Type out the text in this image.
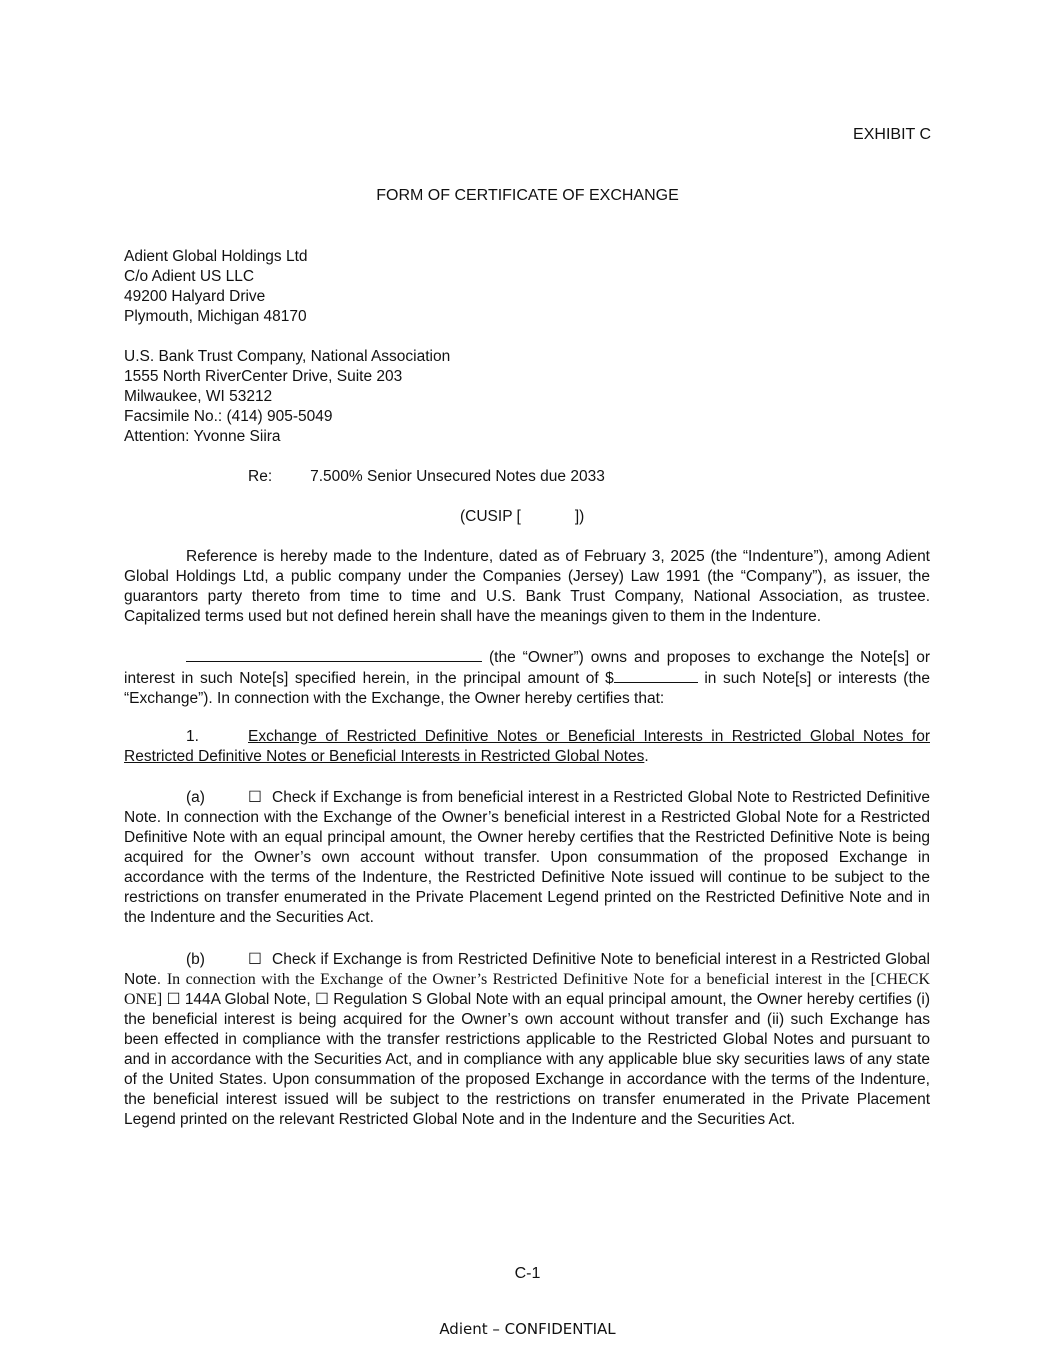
EXHIBIT C
FORM OF CERTIFICATE OF EXCHANGE
Adient Global Holdings Ltd
C/o Adient US LLC
49200 Halyard Drive
Plymouth, Michigan 48170
U.S. Bank Trust Company, National Association
1555 North RiverCenter Drive, Suite 203
Milwaukee, WI 53212
Facsimile No.: (414) 905-5049
Attention: Yvonne Siira
Re: 7.500% Senior Unsecured Notes due 2033
(CUSIP [	])
Reference is hereby made to the Indenture, dated as of February 3, 2025 (the “Indenture”), among Adient Global Holdings Ltd, a public company under the Companies (Jersey) Law 1991 (the “Company”), as issuer, the guarantors party thereto from time to time and U.S. Bank Trust Company, National Association, as trustee. Capitalized terms used but not defined herein shall have the meanings given to them in the Indenture.
(the “Owner”) owns and proposes to exchange the Note[s] or interest in such Note[s] specified herein, in the principal amount of $	in such Note[s] or interests (the “Exchange”). In connection with the Exchange, the Owner hereby certifies that:
1.	Exchange of Restricted Definitive Notes or Beneficial Interests in Restricted Global Notes for Restricted Definitive Notes or Beneficial Interests in Restricted Global Notes.
(a)	☐ Check if Exchange is from beneficial interest in a Restricted Global Note to Restricted Definitive Note. In connection with the Exchange of the Owner’s beneficial interest in a Restricted Global Note for a Restricted Definitive Note with an equal principal amount, the Owner hereby certifies that the Restricted Definitive Note is being acquired for the Owner’s own account without transfer. Upon consummation of the proposed Exchange in accordance with the terms of the Indenture, the Restricted Definitive Note issued will continue to be subject to the restrictions on transfer enumerated in the Private Placement Legend printed on the Restricted Definitive Note and in the Indenture and the Securities Act.
(b)	☐ Check if Exchange is from Restricted Definitive Note to beneficial interest in a Restricted Global Note. In connection with the Exchange of the Owner’s Restricted Definitive Note for a beneficial interest in the [CHECK ONE] ☐ 144A Global Note, ☐ Regulation S Global Note with an equal principal amount, the Owner hereby certifies (i) the beneficial interest is being acquired for the Owner’s own account without transfer and (ii) such Exchange has been effected in compliance with the transfer restrictions applicable to the Restricted Global Notes and pursuant to and in accordance with the Securities Act, and in compliance with any applicable blue sky securities laws of any state of the United States. Upon consummation of the proposed Exchange in accordance with the terms of the Indenture, the beneficial interest issued will be subject to the restrictions on transfer enumerated in the Private Placement Legend printed on the relevant Restricted Global Note and in the Indenture and the Securities Act.
C-1
Adient – CONFIDENTIAL
